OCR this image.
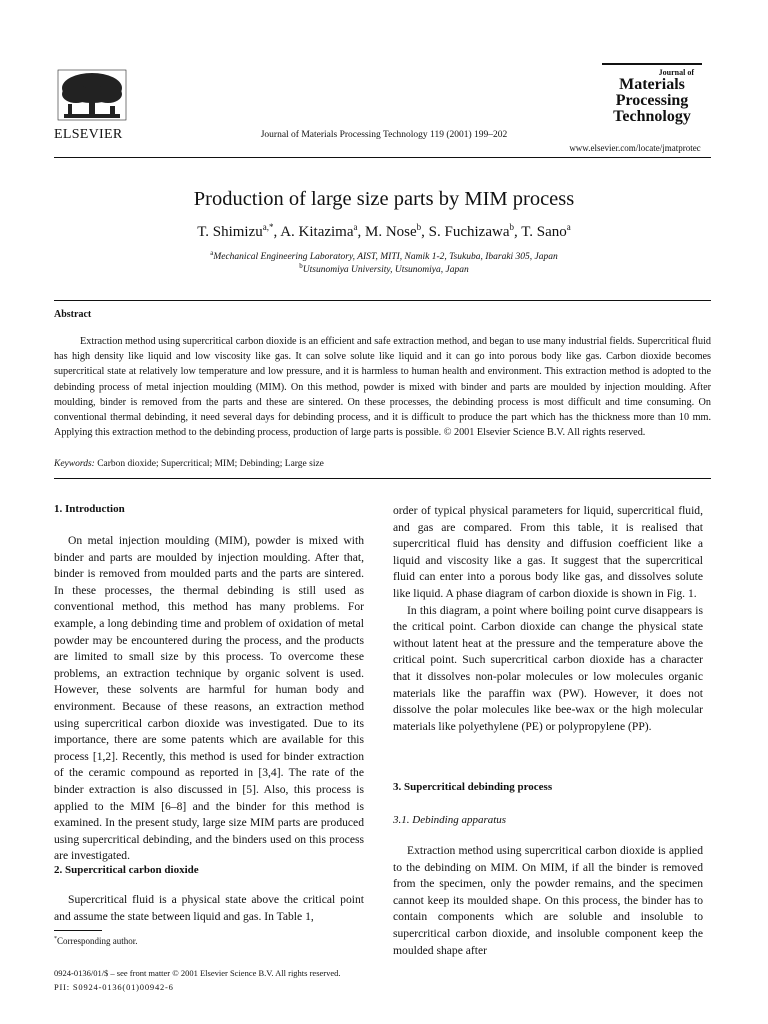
ELSEVIER	Journal of Materials Processing Technology 119 (2001) 199–202
Journal of
Materials
Processing
Technology
www.elsevier.com/locate/jmatprotec
Production of large size parts by MIM process
T. Shimizu$^{a,*}$, A. Kitazima$^a$, M. Nose$^b$, S. Fuchizawa$^b$, T. Sano$^a$
$^a$Mechanical Engineering Laboratory, AIST, MITI, Namik 1-2, Tsukuba, Ibaraki 305, Japan
$^b$Utsunomiya University, Utsunomiya, Japan
Abstract
Extraction method using supercritical carbon dioxide is an efficient and safe extraction method, and began to use many industrial fields. Supercritical fluid has high density like liquid and low viscosity like gas. It can solve solute like liquid and it can go into porous body like gas. Carbon dioxide becomes supercritical state at relatively low temperature and low pressure, and it is harmless to human health and environment. This extraction method is adopted to the debinding process of metal injection moulding (MIM). On this method, powder is mixed with binder and parts are moulded by injection moulding. After moulding, binder is removed from the parts and these are sintered. On these processes, the debinding process is most difficult and time consuming. On conventional thermal debinding, it need several days for debinding process, and it is difficult to produce the part which has the thickness more than 10 mm. Applying this extraction method to the debinding process, production of large parts is possible. © 2001 Elsevier Science B.V. All rights reserved.
Keywords: Carbon dioxide; Supercritical; MIM; Debinding; Large size
1. Introduction

On metal injection moulding (MIM), powder is mixed with binder and parts are moulded by injection moulding. After that, binder is removed from moulded parts and the parts are sintered. In these processes, the thermal debinding is still used as conventional method, this method has many problems. For example, a long debinding time and problem of oxidation of metal powder may be encountered during the process, and the products are limited to small size by this process. To overcome these problems, an extraction technique by organic solvent is used. However, these solvents are harmful for human body and environment. Because of these reasons, an extraction method using supercritical carbon dioxide was investigated. Due to its importance, there are some patents which are available for this process [1,2]. Recently, this method is used for binder extraction of the ceramic compound as reported in [3,4]. The rate of the binder extraction is also discussed in [5]. Also, this process is applied to the MIM [6–8] and the binder for this method is examined. In the present study, large size MIM parts are produced using supercritical debinding, and the binders used on this process are investigated.

2. Supercritical carbon dioxide

Supercritical fluid is a physical state above the critical point and assume the state between liquid and gas. In Table 1,

*Corresponding author.

order of typical physical parameters for liquid, supercritical fluid, and gas are compared. From this table, it is realised that supercritical fluid has density and diffusion coefficient like a liquid and viscosity like a gas. It suggest that the supercritical fluid can enter into a porous body like gas, and dissolves solute like liquid. A phase diagram of carbon dioxide is shown in Fig. 1.

In this diagram, a point where boiling point curve disappears is the critical point. Carbon dioxide can change the physical state without latent heat at the pressure and the temperature above the critical point. Such supercritical carbon dioxide has a character that it dissolves non-polar molecules or low molecules organic materials like the paraffin wax (PW). However, it does not dissolve the polar molecules like bee-wax or the high molecular materials like polyethylene (PE) or polypropylene (PP).

3. Supercritical debinding process
3.1. Debinding apparatus

Extraction method using supercritical carbon dioxide is applied to the debinding on MIM. On MIM, if all the binder is removed from the specimen, only the powder remains, and the specimen cannot keep its moulded shape. On this process, the binder has to contain components which are soluble and insoluble to supercritical carbon dioxide, and insoluble component keep the moulded shape after

0924-0136/01/$ – see front matter © 2001 Elsevier Science B.V. All rights reserved.
PII: S0924-0136(01)00942-6
